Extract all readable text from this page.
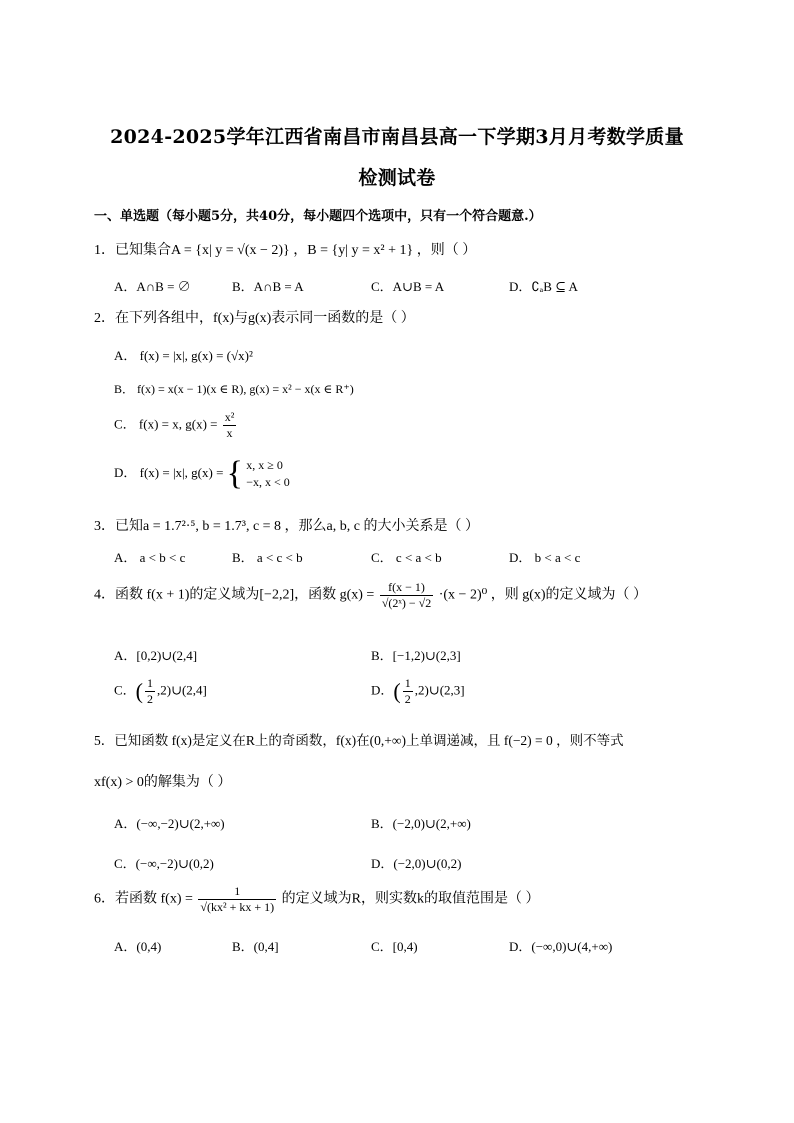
2024-2025学年江西省南昌市南昌县高一下学期3月月考数学质量
检测试卷
一、单选题（每小题5分，共40分，每小题四个选项中，只有一个符合题意.）
1．已知集合A = {x| y = √(x − 2)} ，B = {y| y = x² + 1} ，则（ ）
A．A∩B = ∅	B．A∩B = A	C．A∪B = A	D．∁ₐB ⊆ A
2．在下列各组中，f(x)与g(x)表示同一函数的是（ ）
A． f(x) = |x|, g(x) = (√x)²
B． f(x) = x(x − 1)(x ∈ R), g(x) = x² − x(x ∈ R⁺)
C． f(x) = x, $g(x) = \frac{\text{x²}}{x}$
D． f(x) = |x|, g(x) = { x, x ≥ 0
−x, x < 0
3．已知a = 1.7²·⁵, b = 1.7³, c = 8 ，那么a, b, c 的大小关系是（ ）
A． a < b < c	B． a < c < b	C． c < a < b	D． b < a < c
4．函数 f(x + 1)的定义域为[−2,2]，函数 $g(x) = \frac{f(x - 1)}{\text{√(2ˣ) − √2}} \cdot(x - 2)^0$ ，则 g(x)的定义域为（ ）
A．[0,2)∪(2,4]	B．[−1,2)∪(2,3]
C．( $\frac{1}{2}$ ,2)∪(2,4]	D．( $\frac{1}{2}$ ,2)∪(2,3]
5．已知函数 f(x)是定义在R上的奇函数，f(x)在(0,+∞)上单调递减，且 f(−2) = 0 ，则不等式
xf(x) > 0的解集为（ ）
A．(−∞,−2)∪(2,+∞)	B．(−2,0)∪(2,+∞)
C．(−∞,−2)∪(0,2)	D．(−2,0)∪(0,2)
6．若函数 $f(x) = \frac{1}{\text{√(kx² + kx + 1)}}$ 的定义域为R，则实数k的取值范围是（ ）
A．(0,4)	B．(0,4]	C．[0,4)	D．(−∞,0)∪(4,+∞)
